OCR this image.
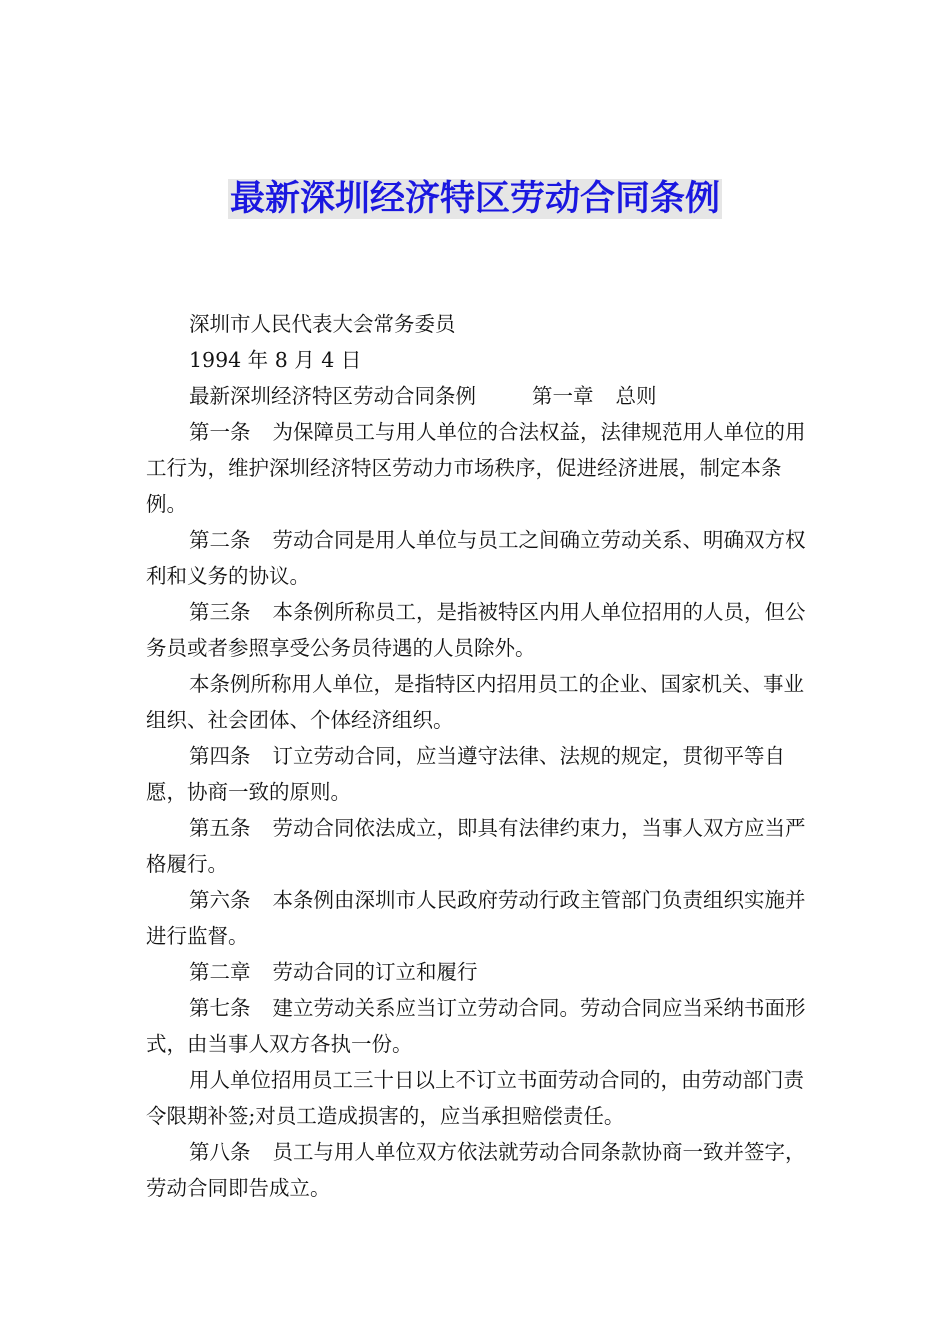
最新深圳经济特区劳动合同条例

深圳市人民代表大会常务委员

1994 年 8 月 4 日

最新深圳经济特区劳动合同条例	第一章 总则

第一条 为保障员工与用人单位的合法权益，法律规范用人单位的用工行为，维护深圳经济特区劳动力市场秩序，促进经济进展，制定本条例。

第二条 劳动合同是用人单位与员工之间确立劳动关系、明确双方权利和义务的协议。

第三条 本条例所称员工，是指被特区内用人单位招用的人员，但公务员或者参照享受公务员待遇的人员除外。

本条例所称用人单位，是指特区内招用员工的企业、国家机关、事业组织、社会团体、个体经济组织。

第四条 订立劳动合同，应当遵守法律、法规的规定，贯彻平等自愿，协商一致的原则。

第五条 劳动合同依法成立，即具有法律约束力，当事人双方应当严格履行。

第六条 本条例由深圳市人民政府劳动行政主管部门负责组织实施并进行监督。

第二章 劳动合同的订立和履行

第七条 建立劳动关系应当订立劳动合同。劳动合同应当采纳书面形式，由当事人双方各执一份。

用人单位招用员工三十日以上不订立书面劳动合同的，由劳动部门责令限期补签;对员工造成损害的，应当承担赔偿责任。

第八条 员工与用人单位双方依法就劳动合同条款协商一致并签字，劳动合同即告成立。
